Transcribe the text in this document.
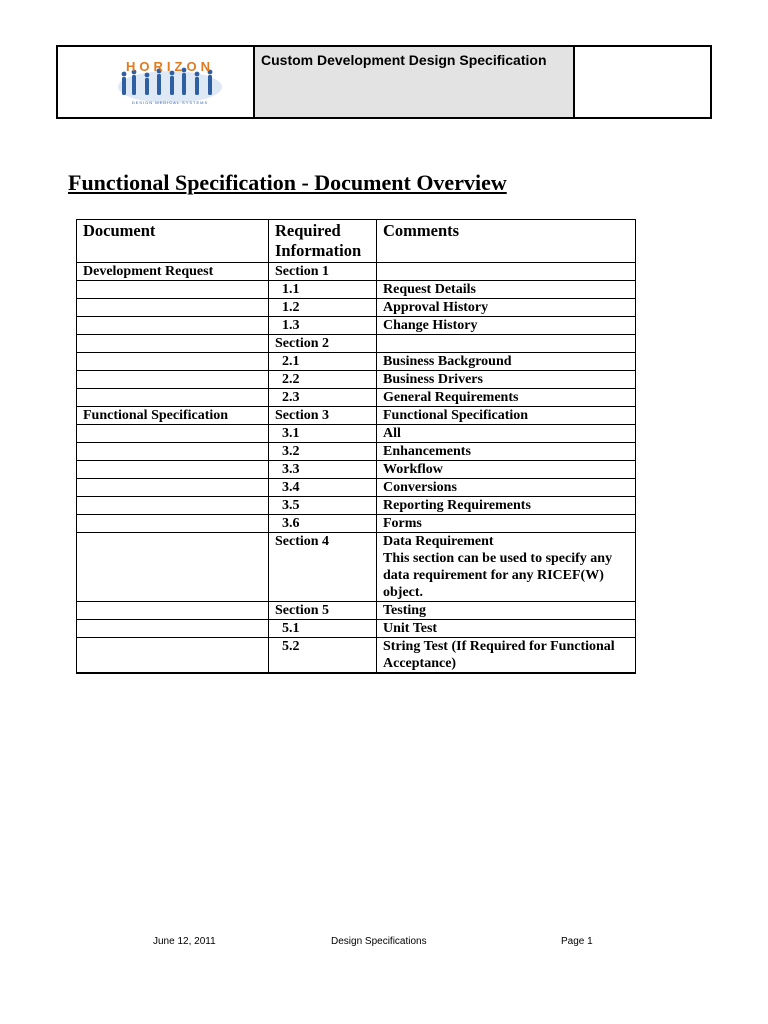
HORIZON
DESIGN MEDICAL SYSTEMS
Custom Development Design Specification
Functional Specification - Document Overview
Document	Required Information	Comments
Development Request	Section 1	
	1.1	Request Details
	1.2	Approval History
	1.3	Change History
	Section 2	
	2.1	Business Background
	2.2	Business Drivers
	2.3	General Requirements
Functional Specification	Section 3	Functional Specification
	3.1	All
	3.2	Enhancements
	3.3	Workflow
	3.4	Conversions
	3.5	Reporting Requirements
	3.6	Forms
	Section 4	Data Requirement
This section can be used to specify any data requirement for any RICEF(W) object.
	Section 5	Testing
	5.1	Unit Test
	5.2	String Test (If Required for Functional Acceptance)
June 12, 2011	Design Specifications	Page 1
